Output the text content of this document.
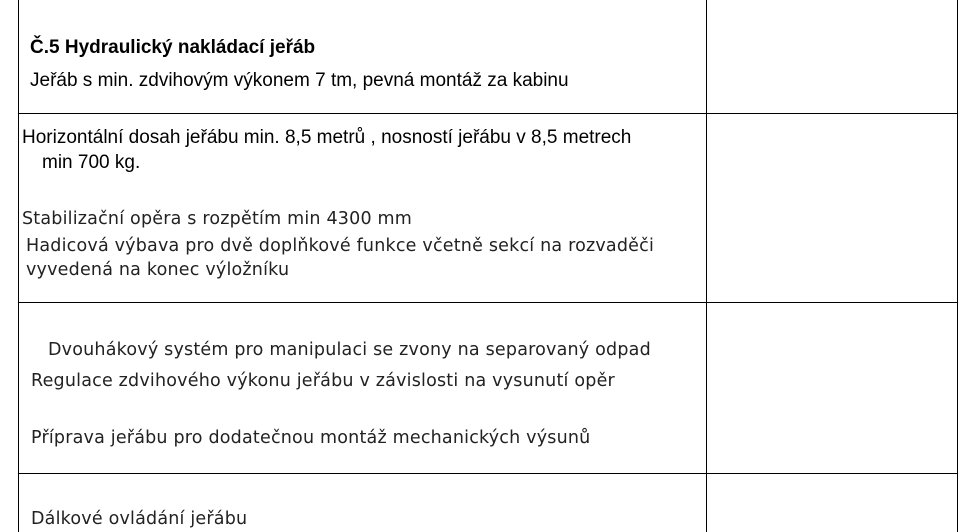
Č.5 Hydraulický nakládací jeřáb
Jeřáb s min. zdvihovým výkonem 7 tm, pevná montáž za kabinu
Horizontální dosah jeřábu min. 8,5 metrů , nosností jeřábu v 8,5 metrech
min 700 kg.
Stabilizační opěra s rozpětím min 4300 mm
Hadicová výbava pro dvě doplňkové funkce včetně sekcí na rozvaděči
vyvedená na konec výložníku
Dvouhákový systém pro manipulaci se zvony na separovaný odpad
Regulace zdvihového výkonu jeřábu v závislosti na vysunutí opěr
Příprava jeřábu pro dodatečnou montáž mechanických výsunů
Dálkové ovládání jeřábu
